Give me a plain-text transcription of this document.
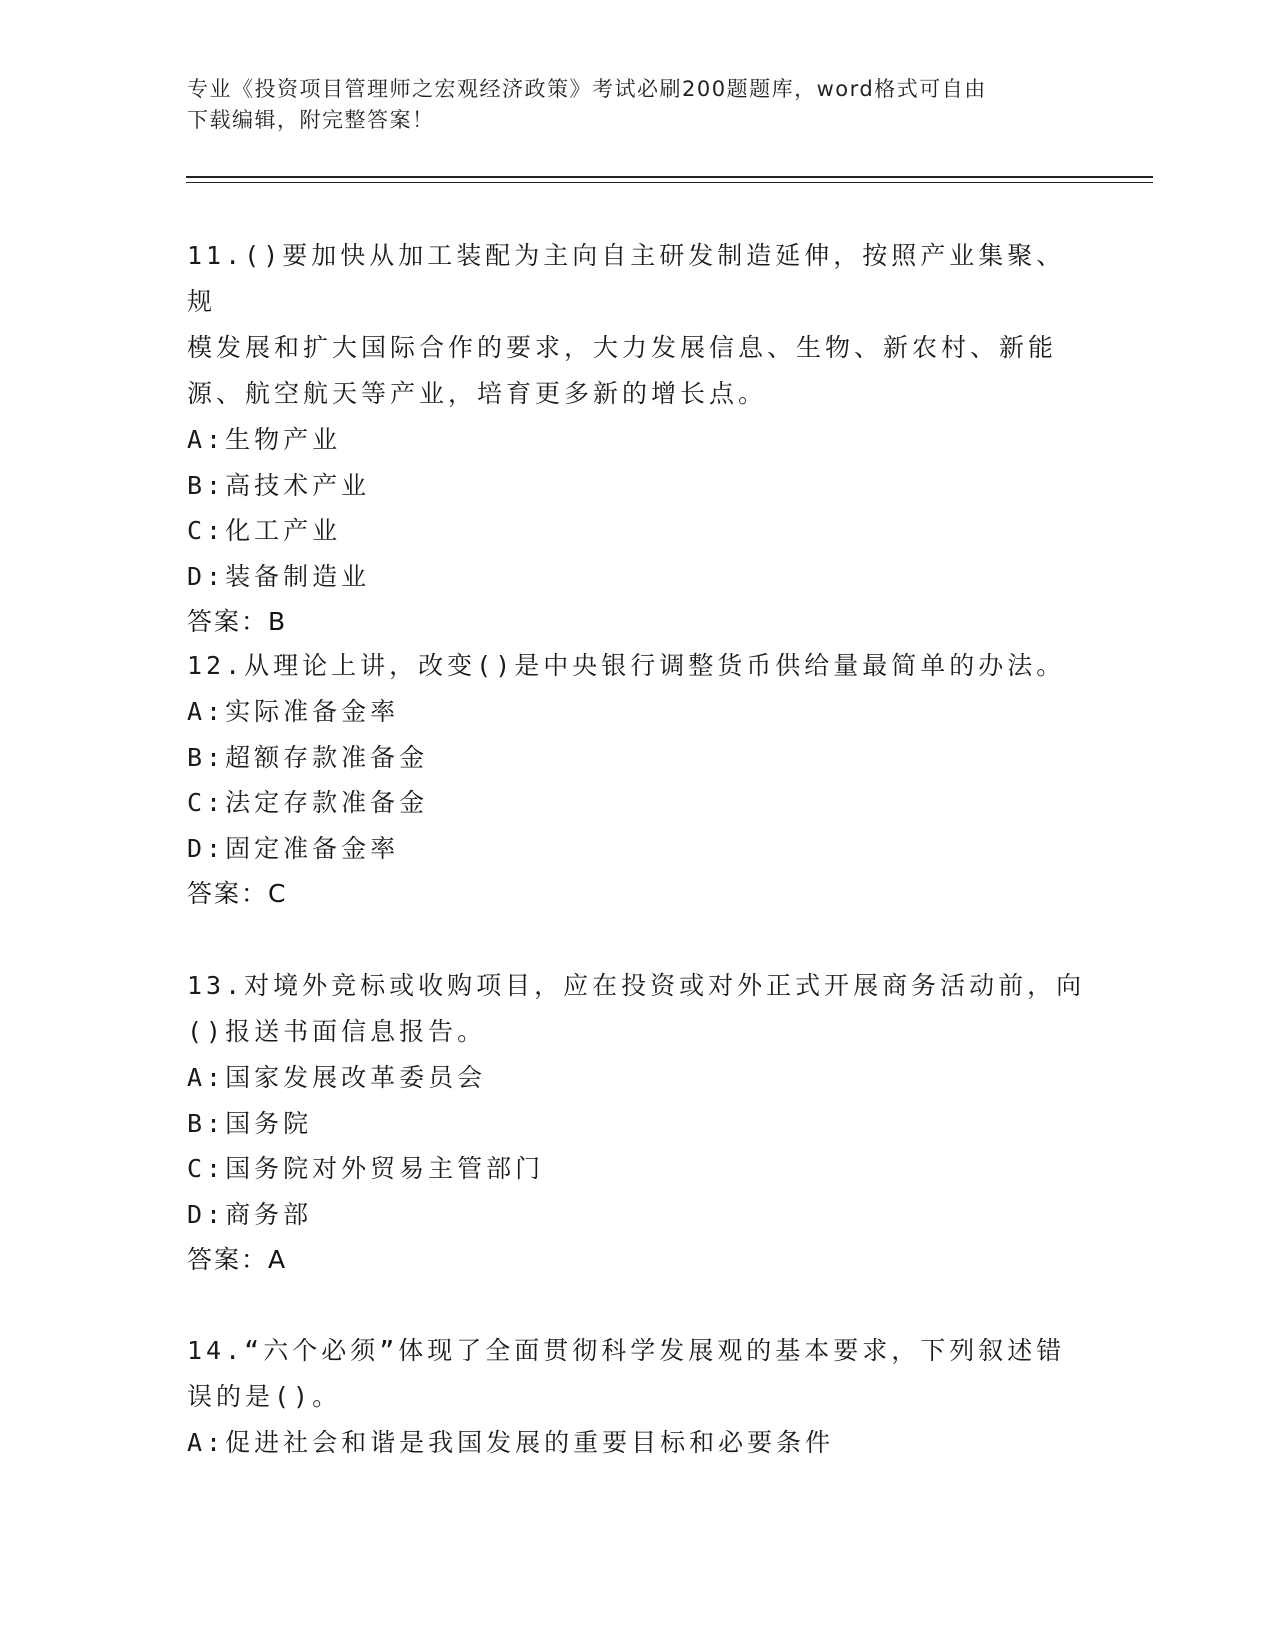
专业《投资项目管理师之宏观经济政策》考试必刷200题题库，word格式可自由
下载编辑，附完整答案！

11.()要加快从加工装配为主向自主研发制造延伸，按照产业集聚、规

模发展和扩大国际合作的要求，大力发展信息、生物、新农村、新能

源、航空航天等产业，培育更多新的增长点。

A:生物产业

B:高技术产业

C:化工产业

D:装备制造业

答案：B

12.从理论上讲，改变()是中央银行调整货币供给量最简单的办法。

A:实际准备金率

B:超额存款准备金

C:法定存款准备金

D:固定准备金率

答案：C

13.对境外竞标或收购项目，应在投资或对外正式开展商务活动前，向

()报送书面信息报告。

A:国家发展改革委员会

B:国务院

C:国务院对外贸易主管部门

D:商务部

答案：A

14.“六个必须”体现了全面贯彻科学发展观的基本要求，下列叙述错

误的是()。

A:促进社会和谐是我国发展的重要目标和必要条件
